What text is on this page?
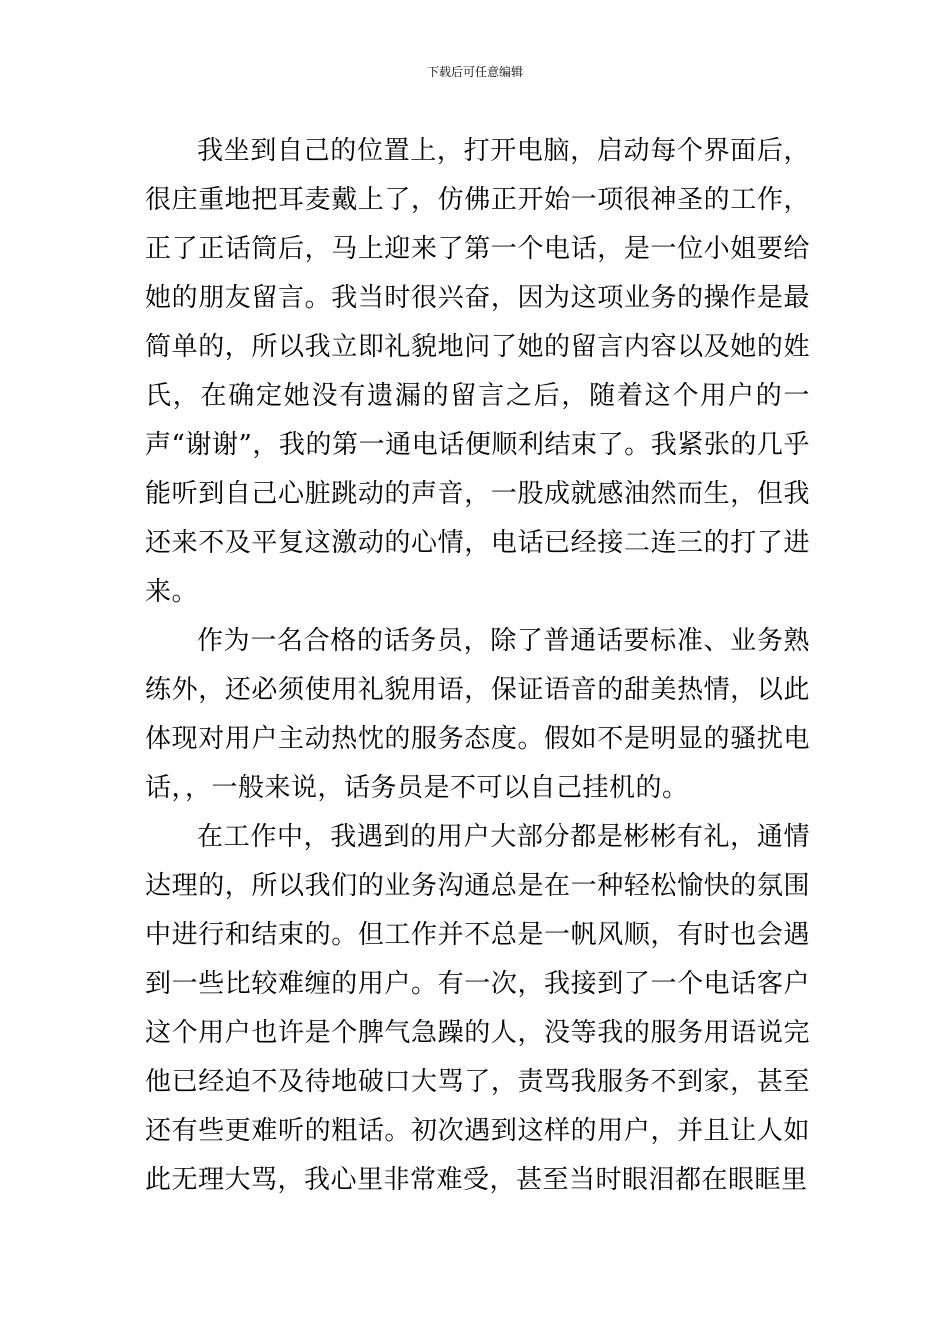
下载后可任意编辑

我坐到自己的位置上，打开电脑，启动每个界面后，很庄重地把耳麦戴上了，仿佛正开始一项很神圣的工作，正了正话筒后，马上迎来了第一个电话，是一位小姐要给她的朋友留言。我当时很兴奋，因为这项业务的操作是最简单的，所以我立即礼貌地问了她的留言内容以及她的姓氏，在确定她没有遗漏的留言之后，随着这个用户的一声“谢谢”，我的第一通电话便顺利结束了。我紧张的几乎能听到自己心脏跳动的声音，一股成就感油然而生，但我还来不及平复这激动的心情，电话已经接二连三的打了进来。

作为一名合格的话务员，除了普通话要标准、业务熟练外，还必须使用礼貌用语，保证语音的甜美热情，以此体现对用户主动热忱的服务态度。假如不是明显的骚扰电话，，一般来说，话务员是不可以自己挂机的。

在工作中，我遇到的用户大部分都是彬彬有礼，通情达理的，所以我们的业务沟通总是在一种轻松愉快的氛围中进行和结束的。但工作并不总是一帆风顺，有时也会遇到一些比较难缠的用户。有一次，我接到了一个电话客户这个用户也许是个脾气急躁的人，没等我的服务用语说完他已经迫不及待地破口大骂了，责骂我服务不到家，甚至还有些更难听的粗话。初次遇到这样的用户，并且让人如此无理大骂，我心里非常难受，甚至当时眼泪都在眼眶里
